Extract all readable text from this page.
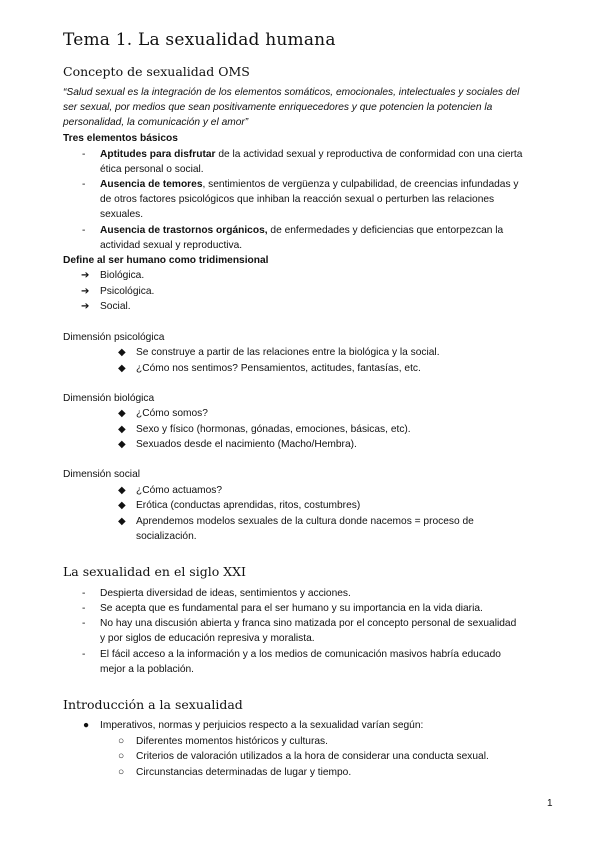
Tema 1. La sexualidad humana
Concepto de sexualidad OMS
“Salud sexual es la integración de los elementos somáticos, emocionales, intelectuales y sociales del
ser sexual, por medios que sean positivamente enriquecedores y que potencien la potencien la
personalidad, la comunicación y el amor”
Tres elementos básicos
- Aptitudes para disfrutar de la actividad sexual y reproductiva de conformidad con una cierta
ética personal o social.
- Ausencia de temores, sentimientos de vergüenza y culpabilidad, de creencias infundadas y
de otros factores psicológicos que inhiban la reacción sexual o perturben las relaciones
sexuales.
- Ausencia de trastornos orgánicos, de enfermedades y deficiencias que entorpezcan la
actividad sexual y reproductiva.
Define al ser humano como tridimensional
➔ Biológica.
➔ Psicológica.
➔ Social.
Dimensión psicológica
◆ Se construye a partir de las relaciones entre la biológica y la social.
◆ ¿Cómo nos sentimos? Pensamientos, actitudes, fantasías, etc.
Dimensión biológica
◆ ¿Cómo somos?
◆ Sexo y físico (hormonas, gónadas, emociones, básicas, etc).
◆ Sexuados desde el nacimiento (Macho/Hembra).
Dimensión social
◆ ¿Cómo actuamos?
◆ Erótica (conductas aprendidas, ritos, costumbres)
◆ Aprendemos modelos sexuales de la cultura donde nacemos = proceso de
socialización.
La sexualidad en el siglo XXI
- Despierta diversidad de ideas, sentimientos y acciones.
- Se acepta que es fundamental para el ser humano y su importancia en la vida diaria.
- No hay una discusión abierta y franca sino matizada por el concepto personal de sexualidad
y por siglos de educación represiva y moralista.
- El fácil acceso a la información y a los medios de comunicación masivos habría educado
mejor a la población.
Introducción a la sexualidad
● Imperativos, normas y perjuicios respecto a la sexualidad varían según:
○ Diferentes momentos históricos y culturas.
○ Criterios de valoración utilizados a la hora de considerar una conducta sexual.
○ Circunstancias determinadas de lugar y tiempo.
1
